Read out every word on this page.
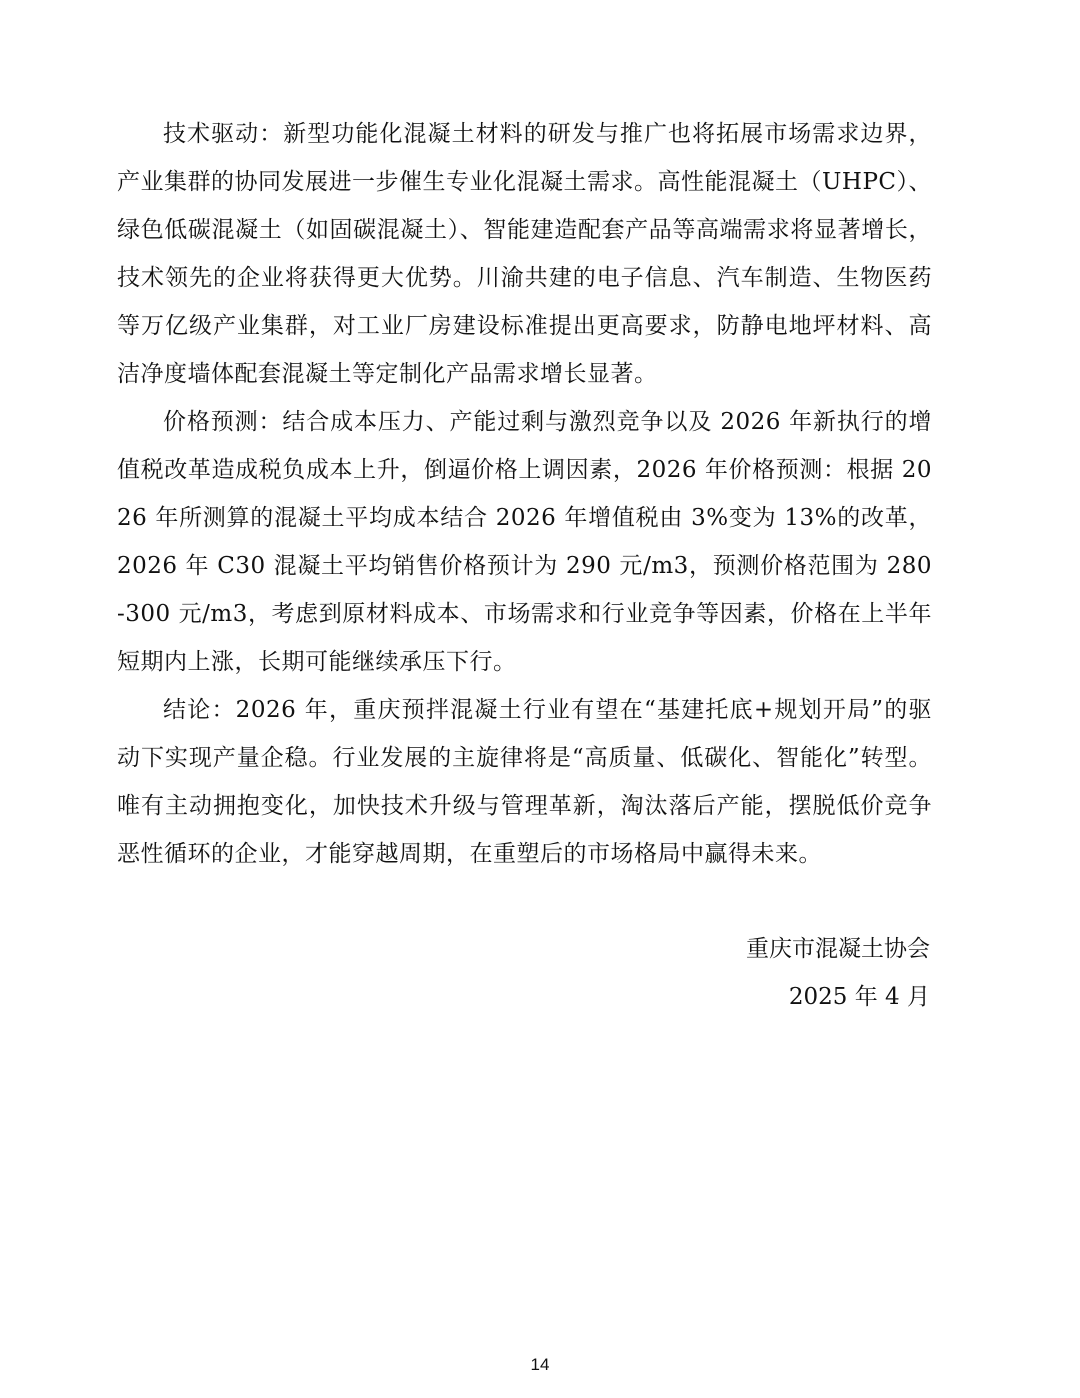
技术驱动：新型功能化混凝土材料的研发与推广也将拓展市场需求边界，产业集群的协同发展进一步催生专业化混凝土需求。高性能混凝土（UHPC）、绿色低碳混凝土（如固碳混凝土）、智能建造配套产品等高端需求将显著增长，技术领先的企业将获得更大优势。川渝共建的电子信息、汽车制造、生物医药等万亿级产业集群，对工业厂房建设标准提出更高要求，防静电地坪材料、高洁净度墙体配套混凝土等定制化产品需求增长显著。

价格预测：结合成本压力、产能过剩与激烈竞争以及 2026 年新执行的增值税改革造成税负成本上升，倒逼价格上调因素，2026 年价格预测：根据 2026 年所测算的混凝土平均成本结合 2026 年增值税由 3%变为 13%的改革，2026 年 C30 混凝土平均销售价格预计为 290 元/m3，预测价格范围为 280-300 元/m3，考虑到原材料成本、市场需求和行业竞争等因素，价格在上半年短期内上涨，长期可能继续承压下行。

结论：2026 年，重庆预拌混凝土行业有望在“基建托底+规划开局”的驱动下实现产量企稳。行业发展的主旋律将是“高质量、低碳化、智能化”转型。唯有主动拥抱变化，加快技术升级与管理革新，淘汰落后产能，摆脱低价竞争恶性循环的企业，才能穿越周期，在重塑后的市场格局中赢得未来。

重庆市混凝土协会
2025 年 4 月
14
